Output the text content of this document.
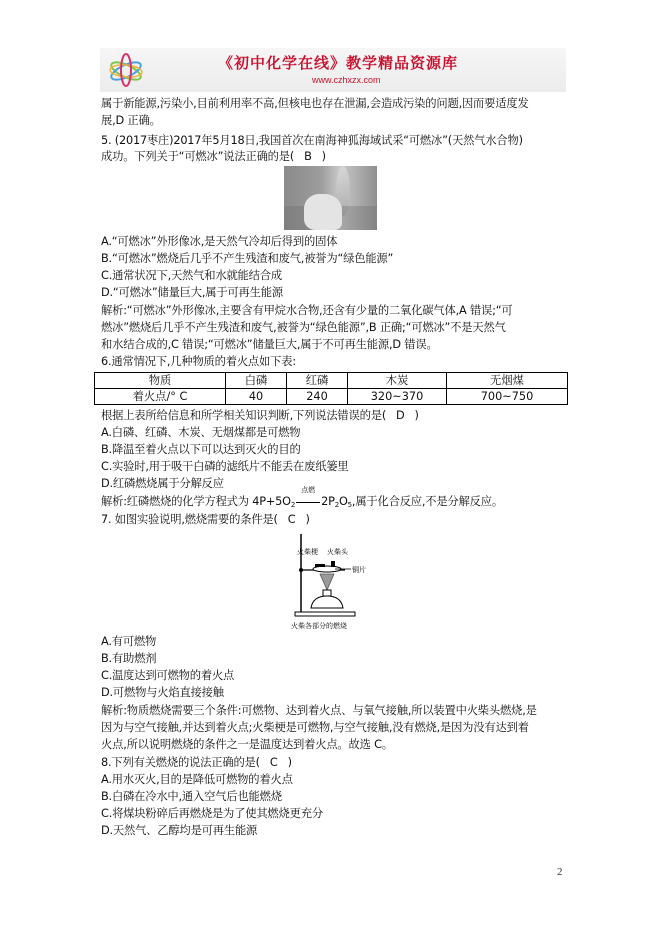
《初中化学在线》教学精品资源库
www.czhxzx.com
属于新能源,污染小,目前利用率不高,但核电也存在泄漏,会造成污染的问题,因而要适度发
展,D 正确。
5. (2017枣庄)2017年5月18日,我国首次在南海神狐海域试采“可燃冰”(天然气水合物)
成功。下列关于“可燃冰”说法正确的是( B )
A.“可燃冰”外形像冰,是天然气冷却后得到的固体
B.“可燃冰”燃烧后几乎不产生残渣和废气,被誉为“绿色能源”
C.通常状况下,天然气和水就能结合成
D.“可燃冰”储量巨大,属于可再生能源
解析:“可燃冰”外形像冰,主要含有甲烷水合物,还含有少量的二氧化碳气体,A 错误;“可
燃冰”燃烧后几乎不产生残渣和废气,被誉为“绿色能源”,B 正确;“可燃冰”不是天然气
和水结合成的,C 错误;“可燃冰”储量巨大,属于不可再生能源,D 错误。
6.通常情况下,几种物质的着火点如下表:
物质	白磷	红磷	木炭	无烟煤
着火点/° C	40	240	320~370	700~750
根据上表所给信息和所学相关知识判断,下列说法错误的是( D )
A.白磷、红磷、木炭、无烟煤都是可燃物
B.降温至着火点以下可以达到灭火的目的
C.实验时,用于吸干白磷的滤纸片不能丢在废纸篓里
D.红磷燃烧属于分解反应
解析:红磷燃烧的化学方程式为 4P+5O2
点燃
2P2O5,属于化合反应,不是分解反应。
7. 如图实验说明,燃烧需要的条件是( C )
火柴梗 火柴头
铜片
火柴各部分的燃烧
A.有可燃物
B.有助燃剂
C.温度达到可燃物的着火点
D.可燃物与火焰直接接触
解析:物质燃烧需要三个条件:可燃物、达到着火点、与氧气接触,所以装置中火柴头燃烧,是
因为与空气接触,并达到着火点;火柴梗是可燃物,与空气接触,没有燃烧,是因为没有达到着
火点,所以说明燃烧的条件之一是温度达到着火点。故选 C。
8.下列有关燃烧的说法正确的是( C )
A.用水灭火,目的是降低可燃物的着火点
B.白磷在冷水中,通入空气后也能燃烧
C.将煤块粉碎后再燃烧是为了使其燃烧更充分
D.天然气、乙醇均是可再生能源
2
